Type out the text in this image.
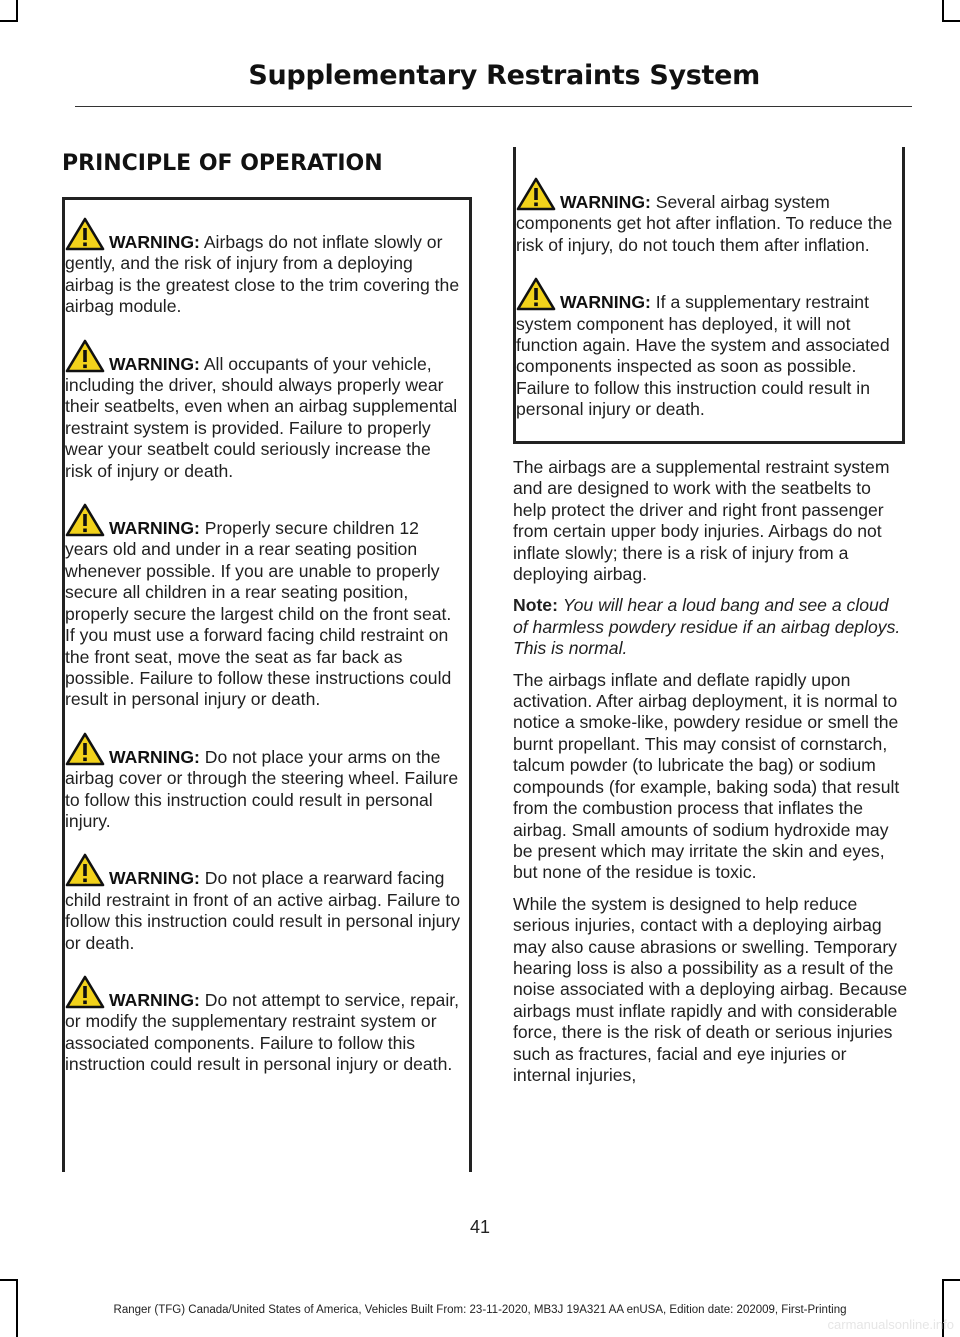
Supplementary Restraints System
PRINCIPLE OF OPERATION

WARNING: Airbags do not inflate slowly or gently, and the risk of injury from a deploying airbag is the greatest close to the trim covering the airbag module.

WARNING: All occupants of your vehicle, including the driver, should always properly wear their seatbelts, even when an airbag supplemental restraint system is provided. Failure to properly wear your seatbelt could seriously increase the risk of injury or death.

WARNING: Properly secure children 12 years old and under in a rear seating position whenever possible. If you are unable to properly secure all children in a rear seating position, properly secure the largest child on the front seat. If you must use a forward facing child restraint on the front seat, move the seat as far back as possible. Failure to follow these instructions could result in personal injury or death.

WARNING: Do not place your arms on the airbag cover or through the steering wheel. Failure to follow this instruction could result in personal injury.

WARNING: Do not place a rearward facing child restraint in front of an active airbag. Failure to follow this instruction could result in personal injury or death.

WARNING: Do not attempt to service, repair, or modify the supplementary restraint system or associated components. Failure to follow this instruction could result in personal injury or death.

WARNING: Several airbag system components get hot after inflation. To reduce the risk of injury, do not touch them after inflation.

WARNING: If a supplementary restraint system component has deployed, it will not function again. Have the system and associated components inspected as soon as possible. Failure to follow this instruction could result in personal injury or death.

The airbags are a supplemental restraint system and are designed to work with the seatbelts to help protect the driver and right front passenger from certain upper body injuries. Airbags do not inflate slowly; there is a risk of injury from a deploying airbag.

Note: You will hear a loud bang and see a cloud of harmless powdery residue if an airbag deploys. This is normal.

The airbags inflate and deflate rapidly upon activation. After airbag deployment, it is normal to notice a smoke-like, powdery residue or smell the burnt propellant. This may consist of cornstarch, talcum powder (to lubricate the bag) or sodium compounds (for example, baking soda) that result from the combustion process that inflates the airbag. Small amounts of sodium hydroxide may be present which may irritate the skin and eyes, but none of the residue is toxic.

While the system is designed to help reduce serious injuries, contact with a deploying airbag may also cause abrasions or swelling. Temporary hearing loss is also a possibility as a result of the noise associated with a deploying airbag. Because airbags must inflate rapidly and with considerable force, there is the risk of death or serious injuries such as fractures, facial and eye injuries or internal injuries,

41
Ranger (TFG) Canada/United States of America, Vehicles Built From: 23-11-2020, MB3J 19A321 AA enUSA, Edition date: 202009, First-Printing
carmanualsonline.info
